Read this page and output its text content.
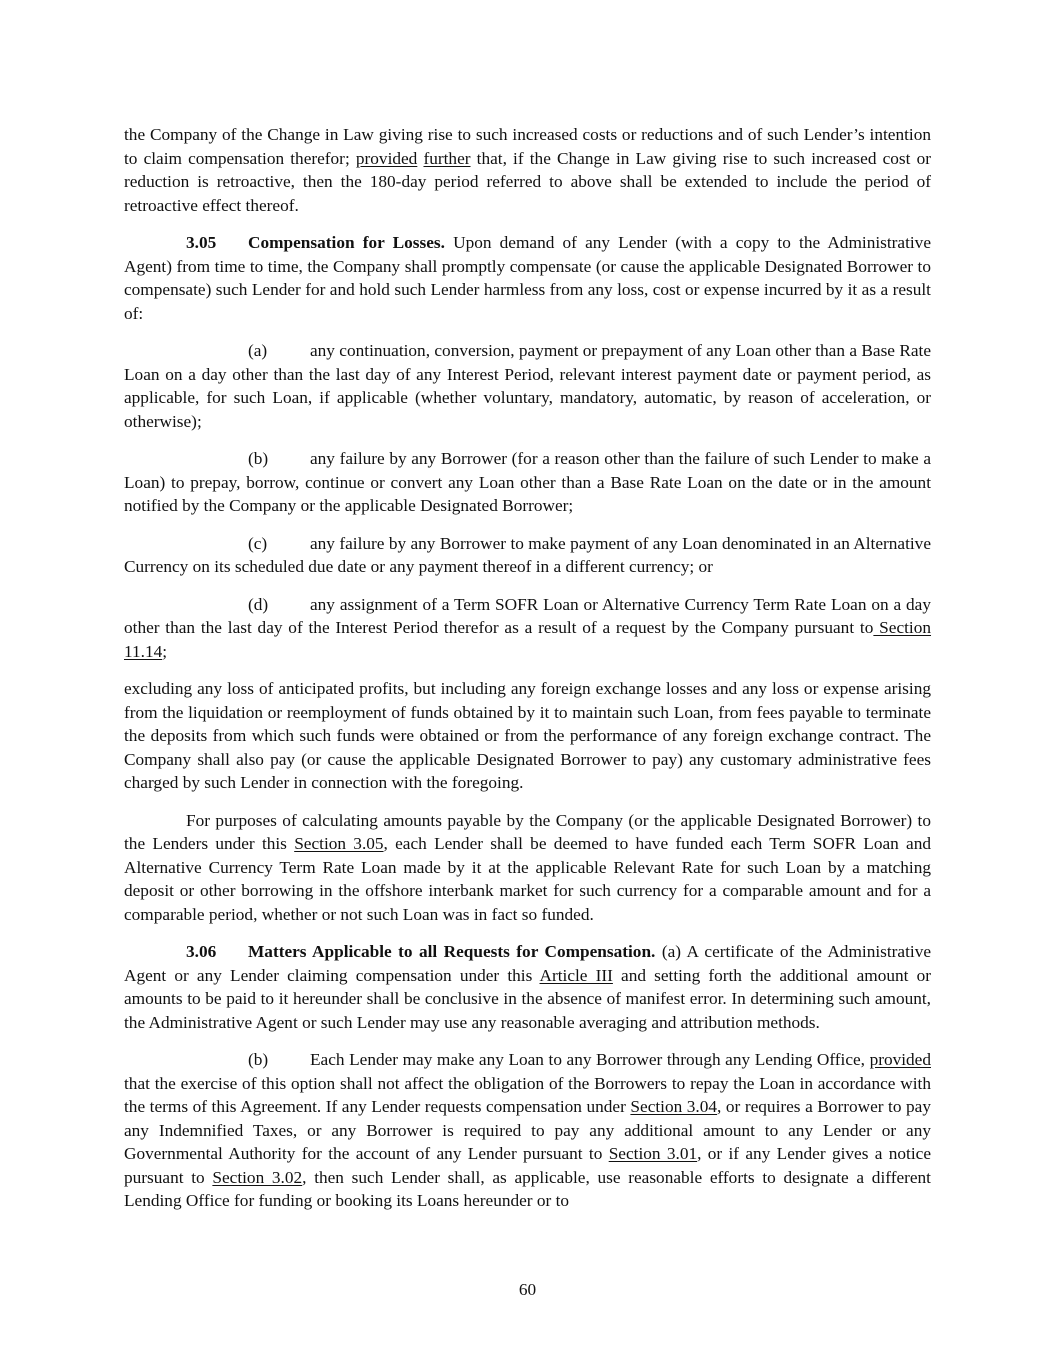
the Company of the Change in Law giving rise to such increased costs or reductions and of such Lender’s intention to claim compensation therefor; provided further that, if the Change in Law giving rise to such increased cost or reduction is retroactive, then the 180-day period referred to above shall be extended to include the period of retroactive effect thereof.

3.05 Compensation for Losses. Upon demand of any Lender (with a copy to the Administrative Agent) from time to time, the Company shall promptly compensate (or cause the applicable Designated Borrower to compensate) such Lender for and hold such Lender harmless from any loss, cost or expense incurred by it as a result of:

(a) any continuation, conversion, payment or prepayment of any Loan other than a Base Rate Loan on a day other than the last day of any Interest Period, relevant interest payment date or payment period, as applicable, for such Loan, if applicable (whether voluntary, mandatory, automatic, by reason of acceleration, or otherwise);

(b) any failure by any Borrower (for a reason other than the failure of such Lender to make a Loan) to prepay, borrow, continue or convert any Loan other than a Base Rate Loan on the date or in the amount notified by the Company or the applicable Designated Borrower;

(c) any failure by any Borrower to make payment of any Loan denominated in an Alternative Currency on its scheduled due date or any payment thereof in a different currency; or

(d) any assignment of a Term SOFR Loan or Alternative Currency Term Rate Loan on a day other than the last day of the Interest Period therefor as a result of a request by the Company pursuant to Section 11.14;

excluding any loss of anticipated profits, but including any foreign exchange losses and any loss or expense arising from the liquidation or reemployment of funds obtained by it to maintain such Loan, from fees payable to terminate the deposits from which such funds were obtained or from the performance of any foreign exchange contract. The Company shall also pay (or cause the applicable Designated Borrower to pay) any customary administrative fees charged by such Lender in connection with the foregoing.

For purposes of calculating amounts payable by the Company (or the applicable Designated Borrower) to the Lenders under this Section 3.05, each Lender shall be deemed to have funded each Term SOFR Loan and Alternative Currency Term Rate Loan made by it at the applicable Relevant Rate for such Loan by a matching deposit or other borrowing in the offshore interbank market for such currency for a comparable amount and for a comparable period, whether or not such Loan was in fact so funded.

3.06 Matters Applicable to all Requests for Compensation. (a) A certificate of the Administrative Agent or any Lender claiming compensation under this Article III and setting forth the additional amount or amounts to be paid to it hereunder shall be conclusive in the absence of manifest error. In determining such amount, the Administrative Agent or such Lender may use any reasonable averaging and attribution methods.

(b) Each Lender may make any Loan to any Borrower through any Lending Office, provided that the exercise of this option shall not affect the obligation of the Borrowers to repay the Loan in accordance with the terms of this Agreement. If any Lender requests compensation under Section 3.04, or requires a Borrower to pay any Indemnified Taxes, or any Borrower is required to pay any additional amount to any Lender or any Governmental Authority for the account of any Lender pursuant to Section 3.01, or if any Lender gives a notice pursuant to Section 3.02, then such Lender shall, as applicable, use reasonable efforts to designate a different Lending Office for funding or booking its Loans hereunder or to

60
